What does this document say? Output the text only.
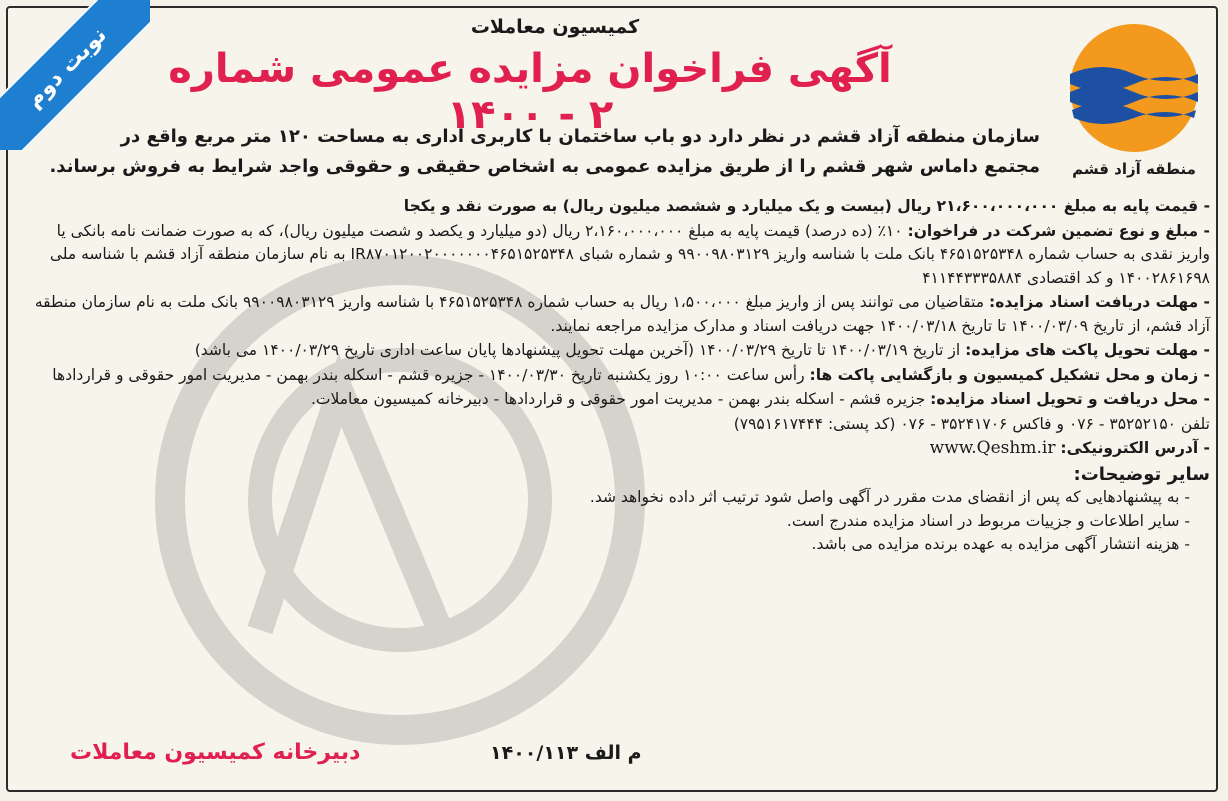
نوبت دوم
منطقه آزاد قشم
کمیسیون معاملات
آگهی فراخوان مزایده عمومی شماره ۲ - ۱۴۰۰
سازمان منطقه آزاد قشم در نظر دارد دو باب ساختمان با کاربری اداری به مساحت ۱۲۰ متر مربع واقع در
مجتمع داماس شهر قشم را از طریق مزایده عمومی به اشخاص حقیقی و حقوقی واجد شرایط به فروش برساند.

- قیمت پایه به مبلغ ۲۱،۶۰۰،۰۰۰،۰۰۰ ریال (بیست و یک میلیارد و ششصد میلیون ریال) به صورت نقد و یکجا

- مبلغ و نوع تضمین شرکت در فراخوان: ۱۰٪ (ده درصد) قیمت پایه به مبلغ ۲،۱۶۰،۰۰۰،۰۰۰ ریال (دو میلیارد و یکصد و شصت میلیون ریال)، که به صورت ضمانت نامه بانکی یا واریز نقدی به حساب شماره ۴۶۵۱۵۲۵۳۴۸ بانک ملت با شناسه واریز ۹۹۰۰۹۸۰۳۱۲۹ و شماره شبای IR۸۷۰۱۲۰۰۲۰۰۰۰۰۰۰۴۶۵۱۵۲۵۳۴۸ به نام سازمان منطقه آزاد قشم با شناسه ملی ۱۴۰۰۲۸۶۱۶۹۸ و کد اقتصادی ۴۱۱۴۴۳۳۳۵۸۸۴

- مهلت دریافت اسناد مزایده: متقاضیان می توانند پس از واریز مبلغ ۱،۵۰۰،۰۰۰ ریال به حساب شماره ۴۶۵۱۵۲۵۳۴۸ با شناسه واریز ۹۹۰۰۹۸۰۳۱۲۹ بانک ملت به نام سازمان منطقه آزاد قشم، از تاریخ ۱۴۰۰/۰۳/۰۹ تا تاریخ ۱۴۰۰/۰۳/۱۸ جهت دریافت اسناد و مدارک مزایده مراجعه نمایند.

- مهلت تحویل پاکت های مزایده: از تاریخ ۱۴۰۰/۰۳/۱۹ تا تاریخ ۱۴۰۰/۰۳/۲۹ (آخرین مهلت تحویل پیشنهادها پایان ساعت اداری تاریخ ۱۴۰۰/۰۳/۲۹ می باشد)

- زمان و محل تشکیل کمیسیون و بازگشایی پاکت ها: رأس ساعت ۱۰:۰۰ روز یکشنبه تاریخ ۱۴۰۰/۰۳/۳۰ - جزیره قشم - اسکله بندر بهمن - مدیریت امور حقوقی و قراردادها

- محل دریافت و تحویل اسناد مزایده: جزیره قشم - اسکله بندر بهمن - مدیریت امور حقوقی و قراردادها - دبیرخانه کمیسیون معاملات.

تلفن ۳۵۲۵۲۱۵۰ - ۰۷۶ و فاکس ۳۵۲۴۱۷۰۶ - ۰۷۶ (کد پستی: ۷۹۵۱۶۱۷۴۴۴)

- آدرس الکترونیکی: www.Qeshm.ir

سایر توضیحات:
- به پیشنهادهایی که پس از انقضای مدت مقرر در آگهی واصل شود ترتیب اثر داده نخواهد شد.
- سایر اطلاعات و جزییات مربوط در اسناد مزایده مندرج است.
- هزینه انتشار آگهی مزایده به عهده برنده مزایده می باشد.
م الف ۱۴۰۰/۱۱۳
دبیرخانه کمیسیون معاملات
